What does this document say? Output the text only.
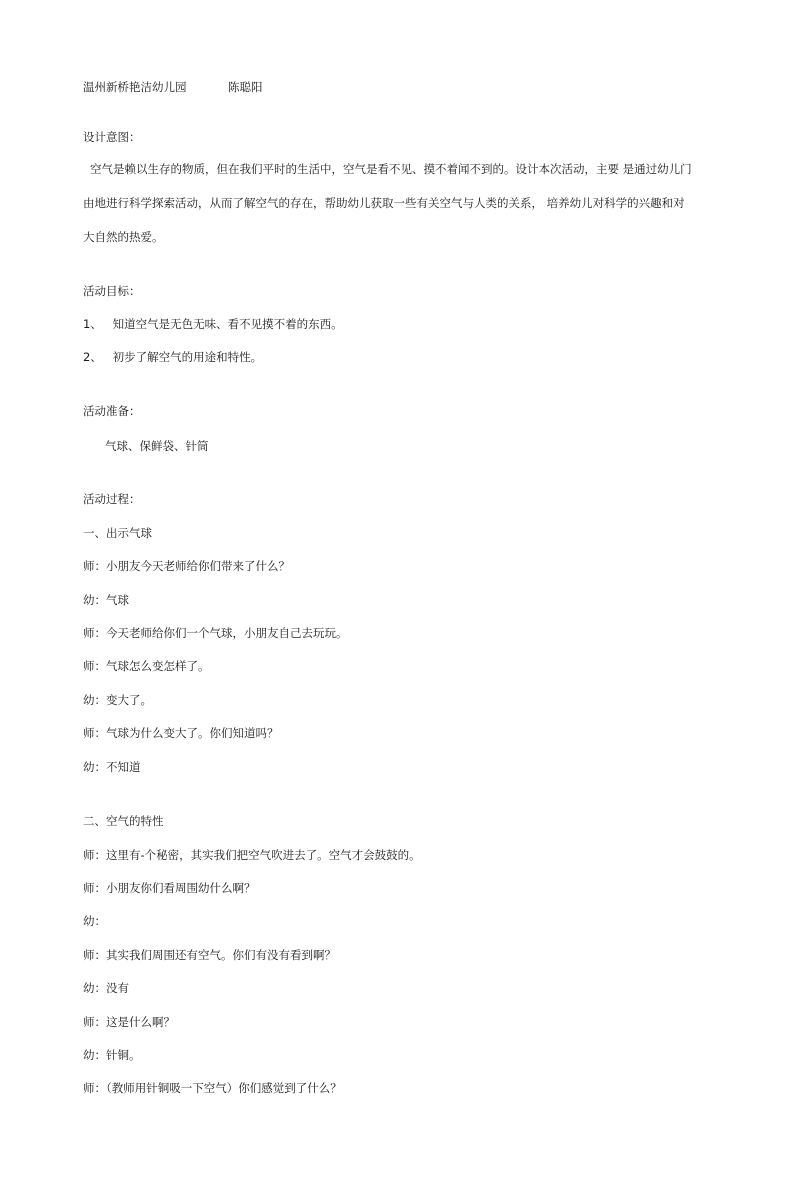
温州新桥艳洁幼儿园	陈聪阳
设计意图：
空气是赖以生存的物质，但在我们平时的生活中，空气是看不见、摸不着闻不到的。设计本次活动，主要 是通过幼儿门
由地进行科学探索活动，从而了解空气的存在，帮助幼儿获取一些有关空气与人类的关系， 培养幼儿对科学的兴趣和对
大自然的热爱。
活动目标：
1、 知道空气是无色无味、看不见摸不着的东西。
2、 初步了解空气的用途和特性。
活动准备：
气球、保鲜袋、针筒
活动过程：
一、出示气球
师：小朋友今天老师给你们带来了什么？
幼：气球
师：今天老师给你们一个气球，小朋友自己去玩玩。
师：气球怎么变怎样了。
幼：变大了。
师：气球为什么变大了。你们知道吗？
幼：不知道
二、空气的特性
师：这里有-个秘密，其实我们把空气吹进去了。空气才会鼓鼓的。
师：小朋友你们看周围幼什么啊？
幼：
师：其实我们周围还有空气。你们有没有看到啊？
幼：没有
师：这是什么啊？
幼：针铜。
师：（教师用针铜吸一下空气）你们感觉到了什么？
